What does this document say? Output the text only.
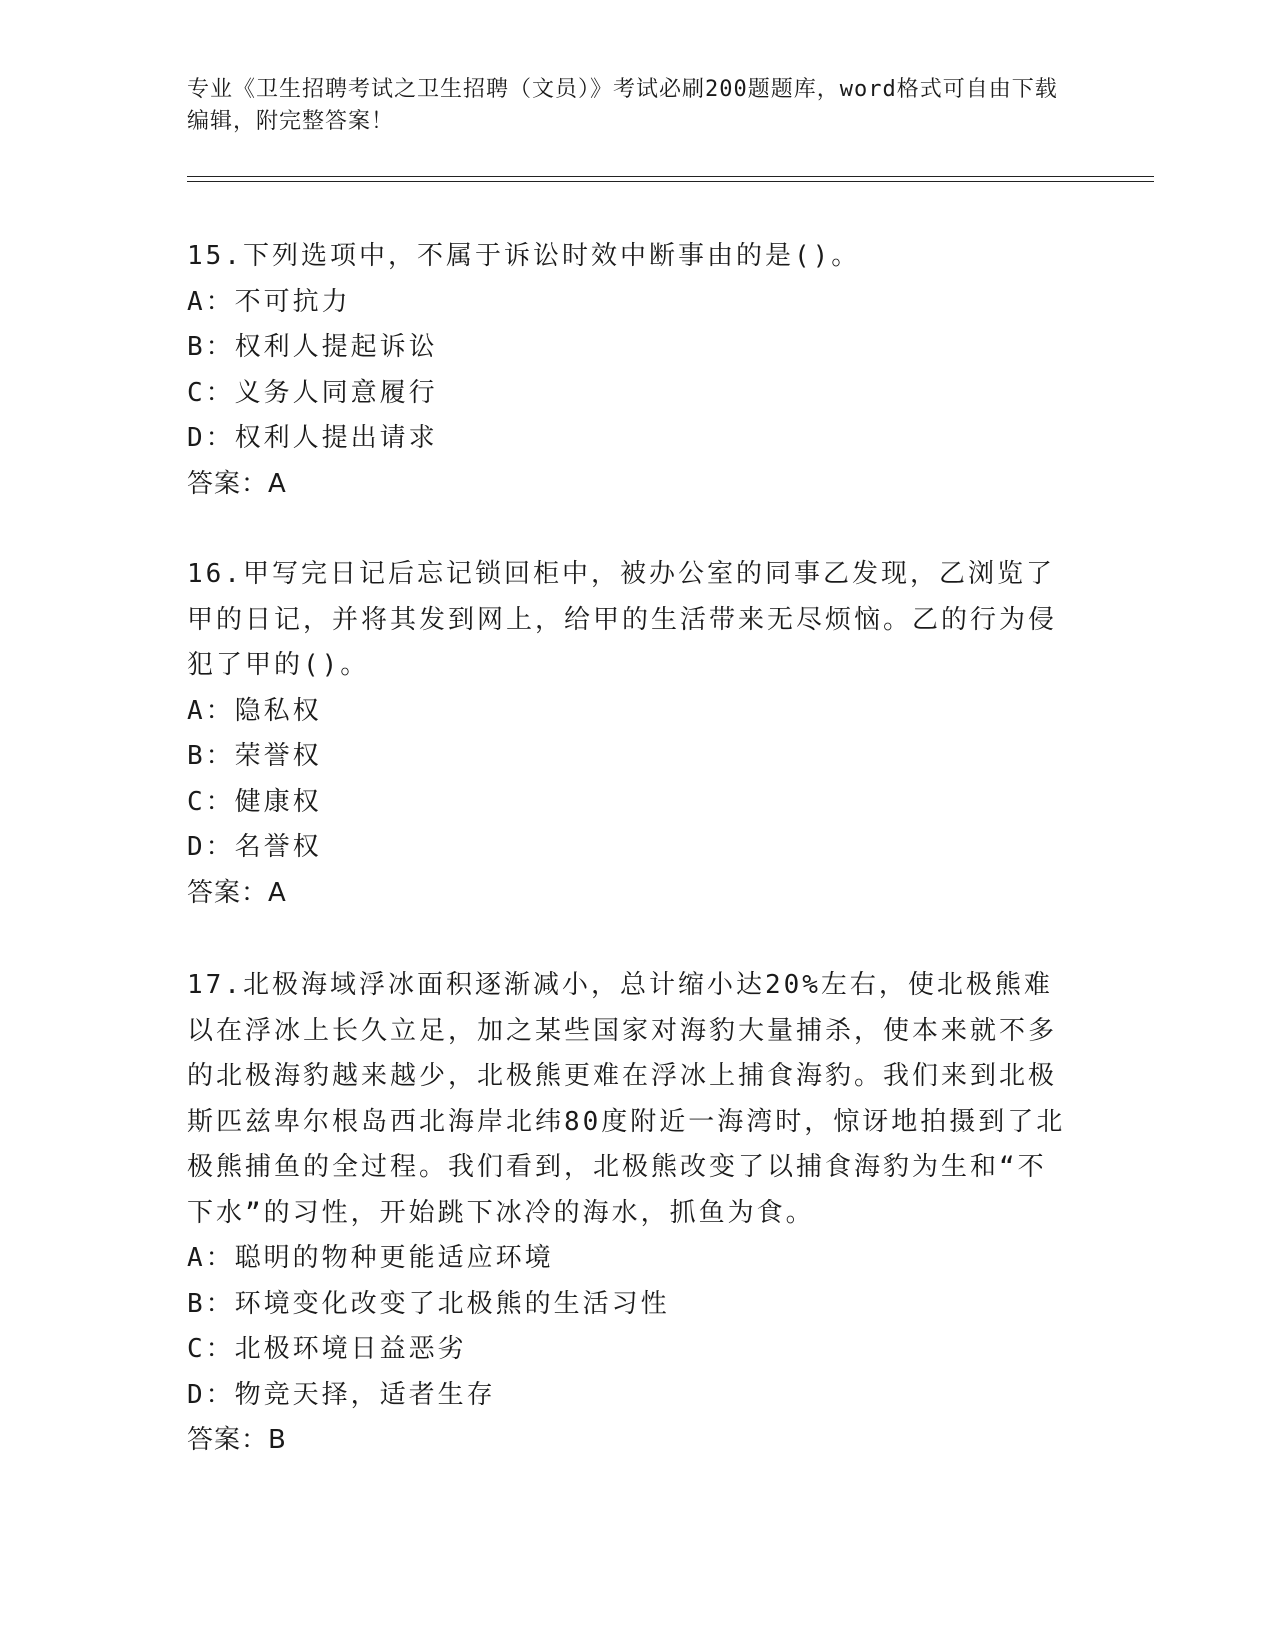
专业《卫生招聘考试之卫生招聘（文员）》考试必刷200题题库，word格式可自由下载编辑，附完整答案！

15.下列选项中，不属于诉讼时效中断事由的是()。

A：不可抗力

B：权利人提起诉讼

C：义务人同意履行

D：权利人提出请求

答案：A

16.甲写完日记后忘记锁回柜中，被办公室的同事乙发现，乙浏览了甲的日记，并将其发到网上，给甲的生活带来无尽烦恼。乙的行为侵犯了甲的()。

A：隐私权

B：荣誉权

C：健康权

D：名誉权

答案：A

17.北极海域浮冰面积逐渐减小，总计缩小达20%左右，使北极熊难以在浮冰上长久立足，加之某些国家对海豹大量捕杀，使本来就不多的北极海豹越来越少，北极熊更难在浮冰上捕食海豹。我们来到北极斯匹兹卑尔根岛西北海岸北纬80度附近一海湾时，惊讶地拍摄到了北极熊捕鱼的全过程。我们看到，北极熊改变了以捕食海豹为生和“不下水”的习性，开始跳下冰冷的海水，抓鱼为食。

A：聪明的物种更能适应环境

B：环境变化改变了北极熊的生活习性

C：北极环境日益恶劣

D：物竞天择，适者生存

答案：B
